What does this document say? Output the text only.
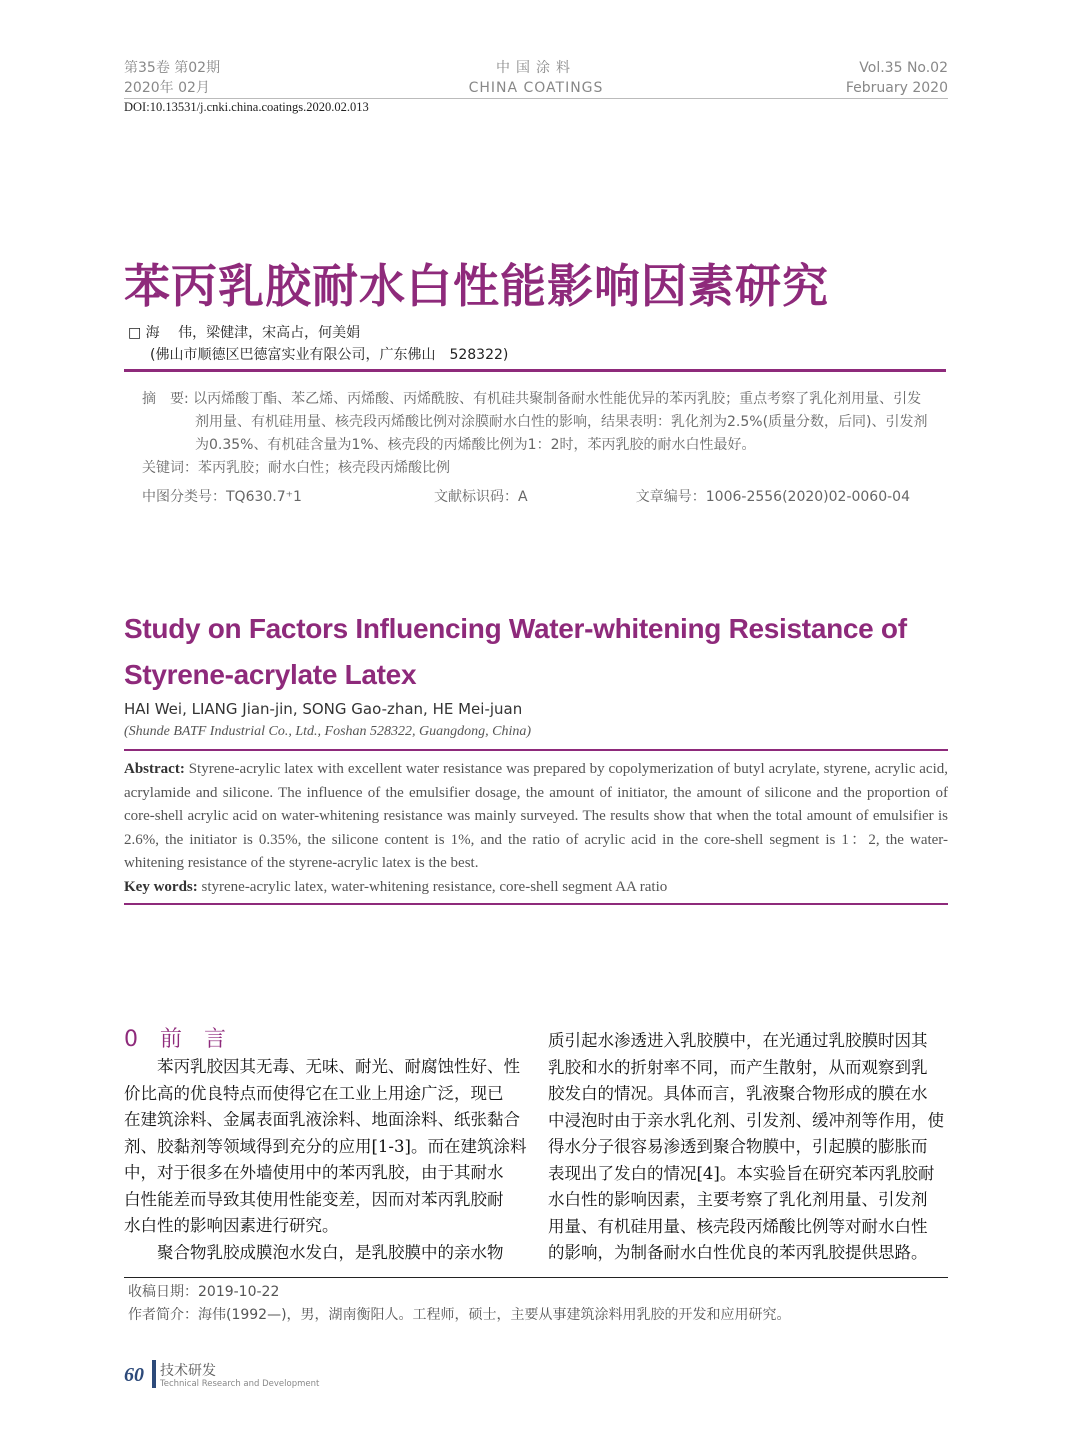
第35卷 第02期
2020年 02月
中国涂料
CHINA COATINGS
Vol.35 No.02
February 2020
DOI:10.13531/j.cnki.china.coatings.2020.02.013
苯丙乳胶耐水白性能影响因素研究
□ 海　 伟，梁健津，宋高占，何美娟
(佛山市顺德区巴德富实业有限公司，广东佛山　528322)
摘　要: 以丙烯酸丁酯、苯乙烯、丙烯酸、丙烯酰胺、有机硅共聚制备耐水性能优异的苯丙乳胶；重点考察了乳化剂用量、引发
剂用量、有机硅用量、核壳段丙烯酸比例对涂膜耐水白性的影响，结果表明：乳化剂为2.5%(质量分数，后同)、引发剂
为0.35%、有机硅含量为1%、核壳段的丙烯酸比例为1：2时，苯丙乳胶的耐水白性最好。
关键词：苯丙乳胶；耐水白性；核壳段丙烯酸比例
中图分类号：TQ630.7⁺1	文献标识码：A	文章编号：1006-2556(2020)02-0060-04
Study on Factors Influencing Water-whitening Resistance of
Styrene-acrylate Latex
HAI Wei, LIANG Jian-jin, SONG Gao-zhan, HE Mei-juan
(Shunde BATF Industrial Co., Ltd., Foshan 528322, Guangdong, China)
Abstract: Styrene-acrylic latex with excellent water resistance was prepared by copolymerization of butyl acrylate, styrene, acrylic acid, acrylamide and silicone. The influence of the emulsifier dosage, the amount of initiator, the amount of silicone and the proportion of core-shell acrylic acid on water-whitening resistance was mainly surveyed. The results show that when the total amount of emulsifier is 2.6%, the initiator is 0.35%, the silicone content is 1%, and the ratio of acrylic acid in the core-shell segment is 1：2, the water-whitening resistance of the styrene-acrylic latex is the best.
Key words: styrene-acrylic latex, water-whitening resistance, core-shell segment AA ratio
0　前　言
　　苯丙乳胶因其无毒、无味、耐光、耐腐蚀性好、性
价比高的优良特点而使得它在工业上用途广泛，现已
在建筑涂料、金属表面乳液涂料、地面涂料、纸张黏合
剂、胶黏剂等领域得到充分的应用[1-3]。而在建筑涂料
中，对于很多在外墙使用中的苯丙乳胶，由于其耐水
白性能差而导致其使用性能变差，因而对苯丙乳胶耐
水白性的影响因素进行研究。
　　聚合物乳胶成膜泡水发白，是乳胶膜中的亲水物
质引起水渗透进入乳胶膜中，在光通过乳胶膜时因其
乳胶和水的折射率不同，而产生散射，从而观察到乳
胶发白的情况。具体而言，乳液聚合物形成的膜在水
中浸泡时由于亲水乳化剂、引发剂、缓冲剂等作用，使
得水分子很容易渗透到聚合物膜中，引起膜的膨胀而
表现出了发白的情况[4]。本实验旨在研究苯丙乳胶耐
水白性的影响因素，主要考察了乳化剂用量、引发剂
用量、有机硅用量、核壳段丙烯酸比例等对耐水白性
的影响，为制备耐水白性优良的苯丙乳胶提供思路。
收稿日期：2019-10-22
作者简介：海伟(1992—)，男，湖南衡阳人。工程师，硕士，主要从事建筑涂料用乳胶的开发和应用研究。
60 技术研发
Technical Research and Development
